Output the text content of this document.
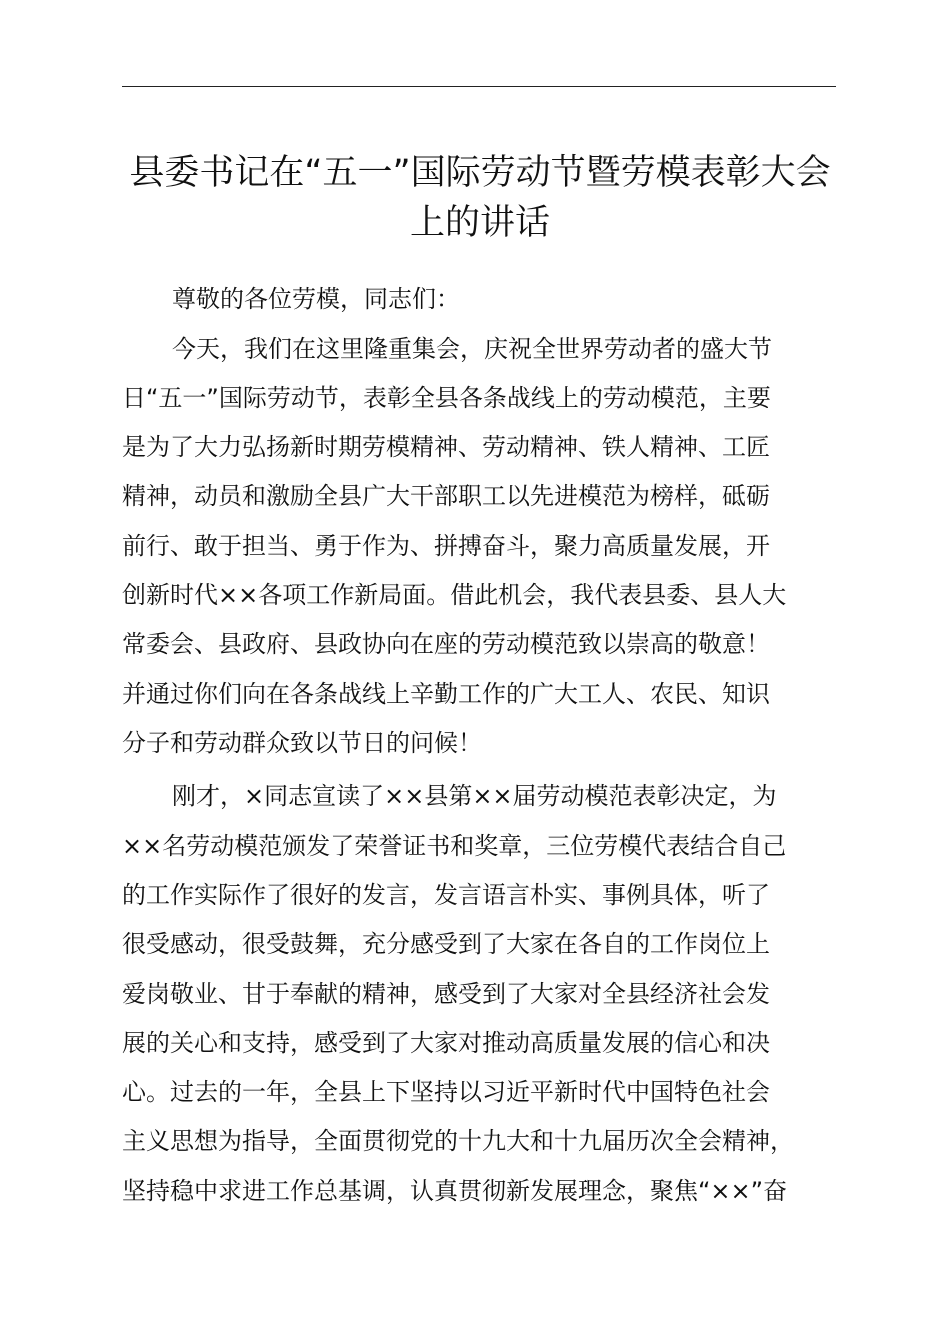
县委书记在“五一”国际劳动节暨劳模表彰大会
上的讲话
尊敬的各位劳模，同志们：
今天，我们在这里隆重集会，庆祝全世界劳动者的盛大节
日“五一”国际劳动节，表彰全县各条战线上的劳动模范，主要
是为了大力弘扬新时期劳模精神、劳动精神、铁人精神、工匠
精神，动员和激励全县广大干部职工以先进模范为榜样，砥砺
前行、敢于担当、勇于作为、拼搏奋斗，聚力高质量发展，开
创新时代××各项工作新局面。借此机会，我代表县委、县人大
常委会、县政府、县政协向在座的劳动模范致以崇高的敬意！
并通过你们向在各条战线上辛勤工作的广大工人、农民、知识
分子和劳动群众致以节日的问候！
刚才，×同志宣读了××县第××届劳动模范表彰决定，为
××名劳动模范颁发了荣誉证书和奖章，三位劳模代表结合自己
的工作实际作了很好的发言，发言语言朴实、事例具体，听了
很受感动，很受鼓舞，充分感受到了大家在各自的工作岗位上
爱岗敬业、甘于奉献的精神，感受到了大家对全县经济社会发
展的关心和支持，感受到了大家对推动高质量发展的信心和决
心。过去的一年，全县上下坚持以习近平新时代中国特色社会
主义思想为指导，全面贯彻党的十九大和十九届历次全会精神，
坚持稳中求进工作总基调，认真贯彻新发展理念，聚焦“××”奋
